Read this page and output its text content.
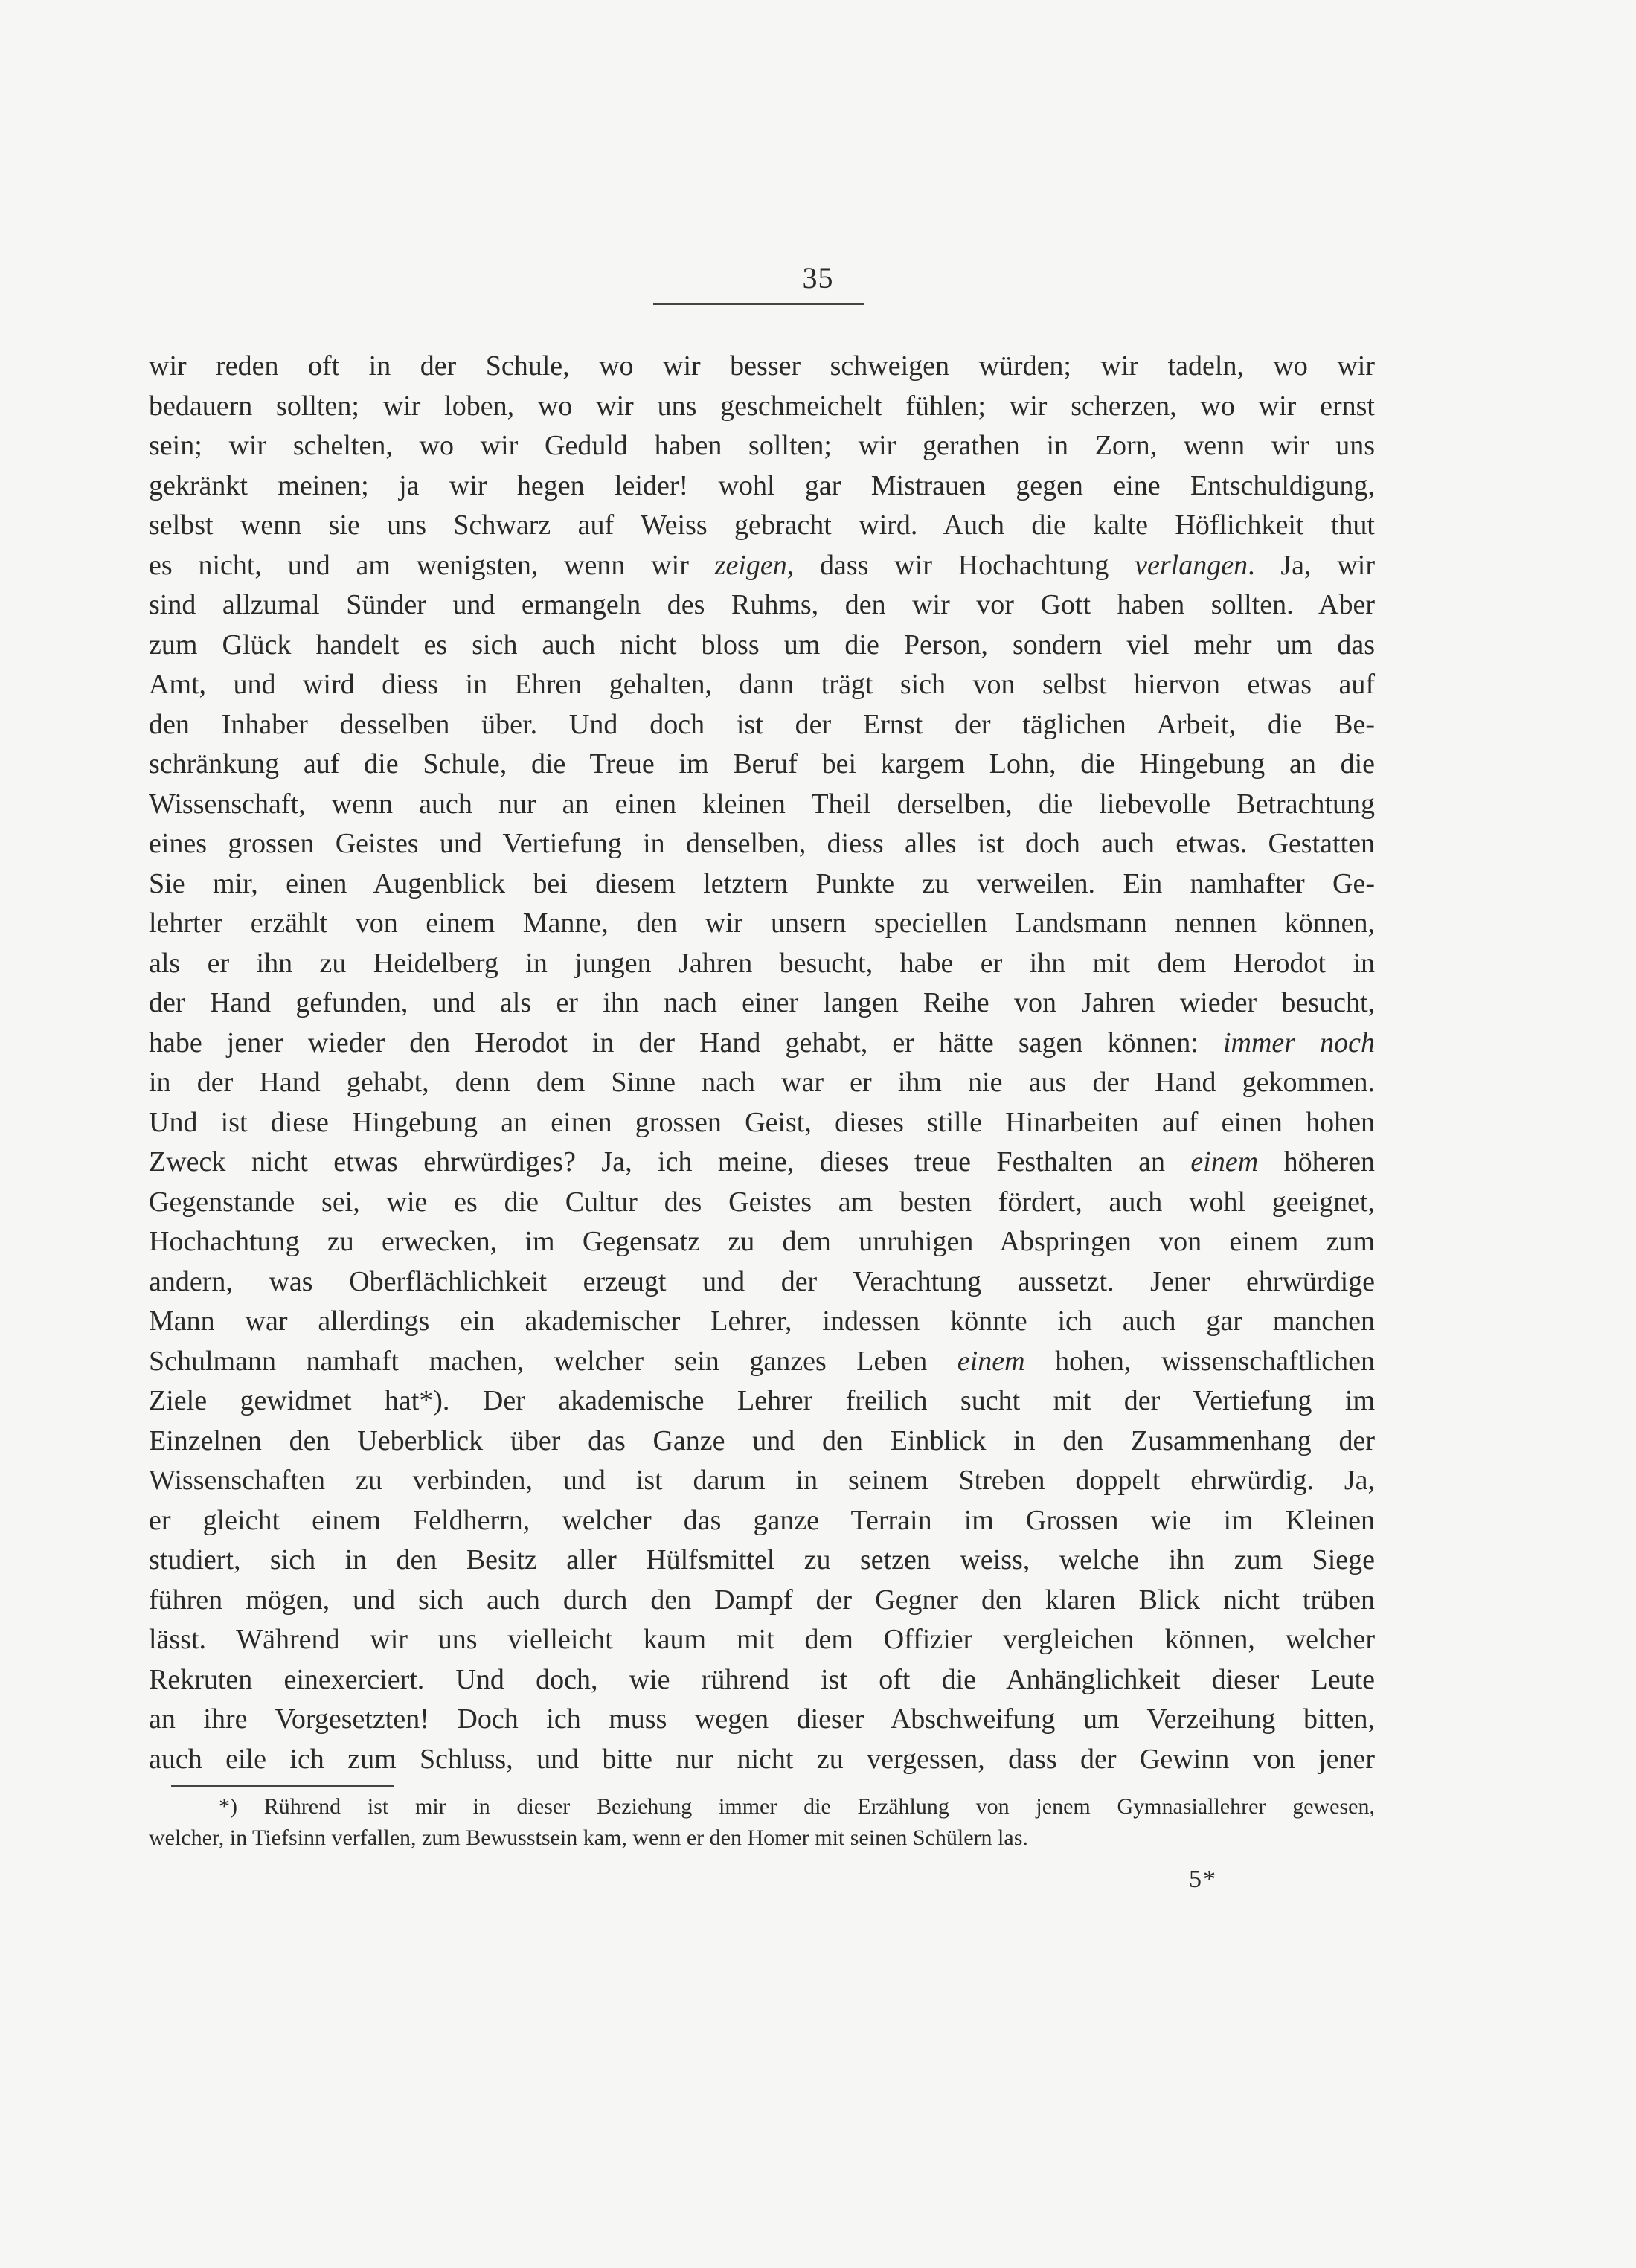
35
wir reden oft in der Schule, wo wir besser schweigen würden; wir tadeln, wo wir
bedauern sollten; wir loben, wo wir uns geschmeichelt fühlen; wir scherzen, wo wir ernst
sein; wir schelten, wo wir Geduld haben sollten; wir gerathen in Zorn, wenn wir uns
gekränkt meinen; ja wir hegen leider! wohl gar Mistrauen gegen eine Entschuldigung,
selbst wenn sie uns Schwarz auf Weiss gebracht wird. Auch die kalte Höflichkeit thut
es nicht, und am wenigsten, wenn wir zeigen, dass wir Hochachtung verlangen. Ja, wir
sind allzumal Sünder und ermangeln des Ruhms, den wir vor Gott haben sollten. Aber
zum Glück handelt es sich auch nicht bloss um die Person, sondern viel mehr um das
Amt, und wird diess in Ehren gehalten, dann trägt sich von selbst hiervon etwas auf
den Inhaber desselben über. Und doch ist der Ernst der täglichen Arbeit, die Be-
schränkung auf die Schule, die Treue im Beruf bei kargem Lohn, die Hingebung an die
Wissenschaft, wenn auch nur an einen kleinen Theil derselben, die liebevolle Betrachtung
eines grossen Geistes und Vertiefung in denselben, diess alles ist doch auch etwas. Gestatten
Sie mir, einen Augenblick bei diesem letztern Punkte zu verweilen. Ein namhafter Ge-
lehrter erzählt von einem Manne, den wir unsern speciellen Landsmann nennen können,
als er ihn zu Heidelberg in jungen Jahren besucht, habe er ihn mit dem Herodot in
der Hand gefunden, und als er ihn nach einer langen Reihe von Jahren wieder besucht,
habe jener wieder den Herodot in der Hand gehabt, er hätte sagen können: immer noch
in der Hand gehabt, denn dem Sinne nach war er ihm nie aus der Hand gekommen.
Und ist diese Hingebung an einen grossen Geist, dieses stille Hinarbeiten auf einen hohen
Zweck nicht etwas ehrwürdiges? Ja, ich meine, dieses treue Festhalten an einem höheren
Gegenstande sei, wie es die Cultur des Geistes am besten fördert, auch wohl geeignet,
Hochachtung zu erwecken, im Gegensatz zu dem unruhigen Abspringen von einem zum
andern, was Oberflächlichkeit erzeugt und der Verachtung aussetzt. Jener ehrwürdige
Mann war allerdings ein akademischer Lehrer, indessen könnte ich auch gar manchen
Schulmann namhaft machen, welcher sein ganzes Leben einem hohen, wissenschaftlichen
Ziele gewidmet hat*). Der akademische Lehrer freilich sucht mit der Vertiefung im
Einzelnen den Ueberblick über das Ganze und den Einblick in den Zusammenhang der
Wissenschaften zu verbinden, und ist darum in seinem Streben doppelt ehrwürdig. Ja,
er gleicht einem Feldherrn, welcher das ganze Terrain im Grossen wie im Kleinen
studiert, sich in den Besitz aller Hülfsmittel zu setzen weiss, welche ihn zum Siege
führen mögen, und sich auch durch den Dampf der Gegner den klaren Blick nicht trüben
lässt. Während wir uns vielleicht kaum mit dem Offizier vergleichen können, welcher
Rekruten einexerciert. Und doch, wie rührend ist oft die Anhänglichkeit dieser Leute
an ihre Vorgesetzten! Doch ich muss wegen dieser Abschweifung um Verzeihung bitten,
auch eile ich zum Schluss, und bitte nur nicht zu vergessen, dass der Gewinn von jener
*) Rührend ist mir in dieser Beziehung immer die Erzählung von jenem Gymnasiallehrer gewesen,
welcher, in Tiefsinn verfallen, zum Bewusstsein kam, wenn er den Homer mit seinen Schülern las.
5*
